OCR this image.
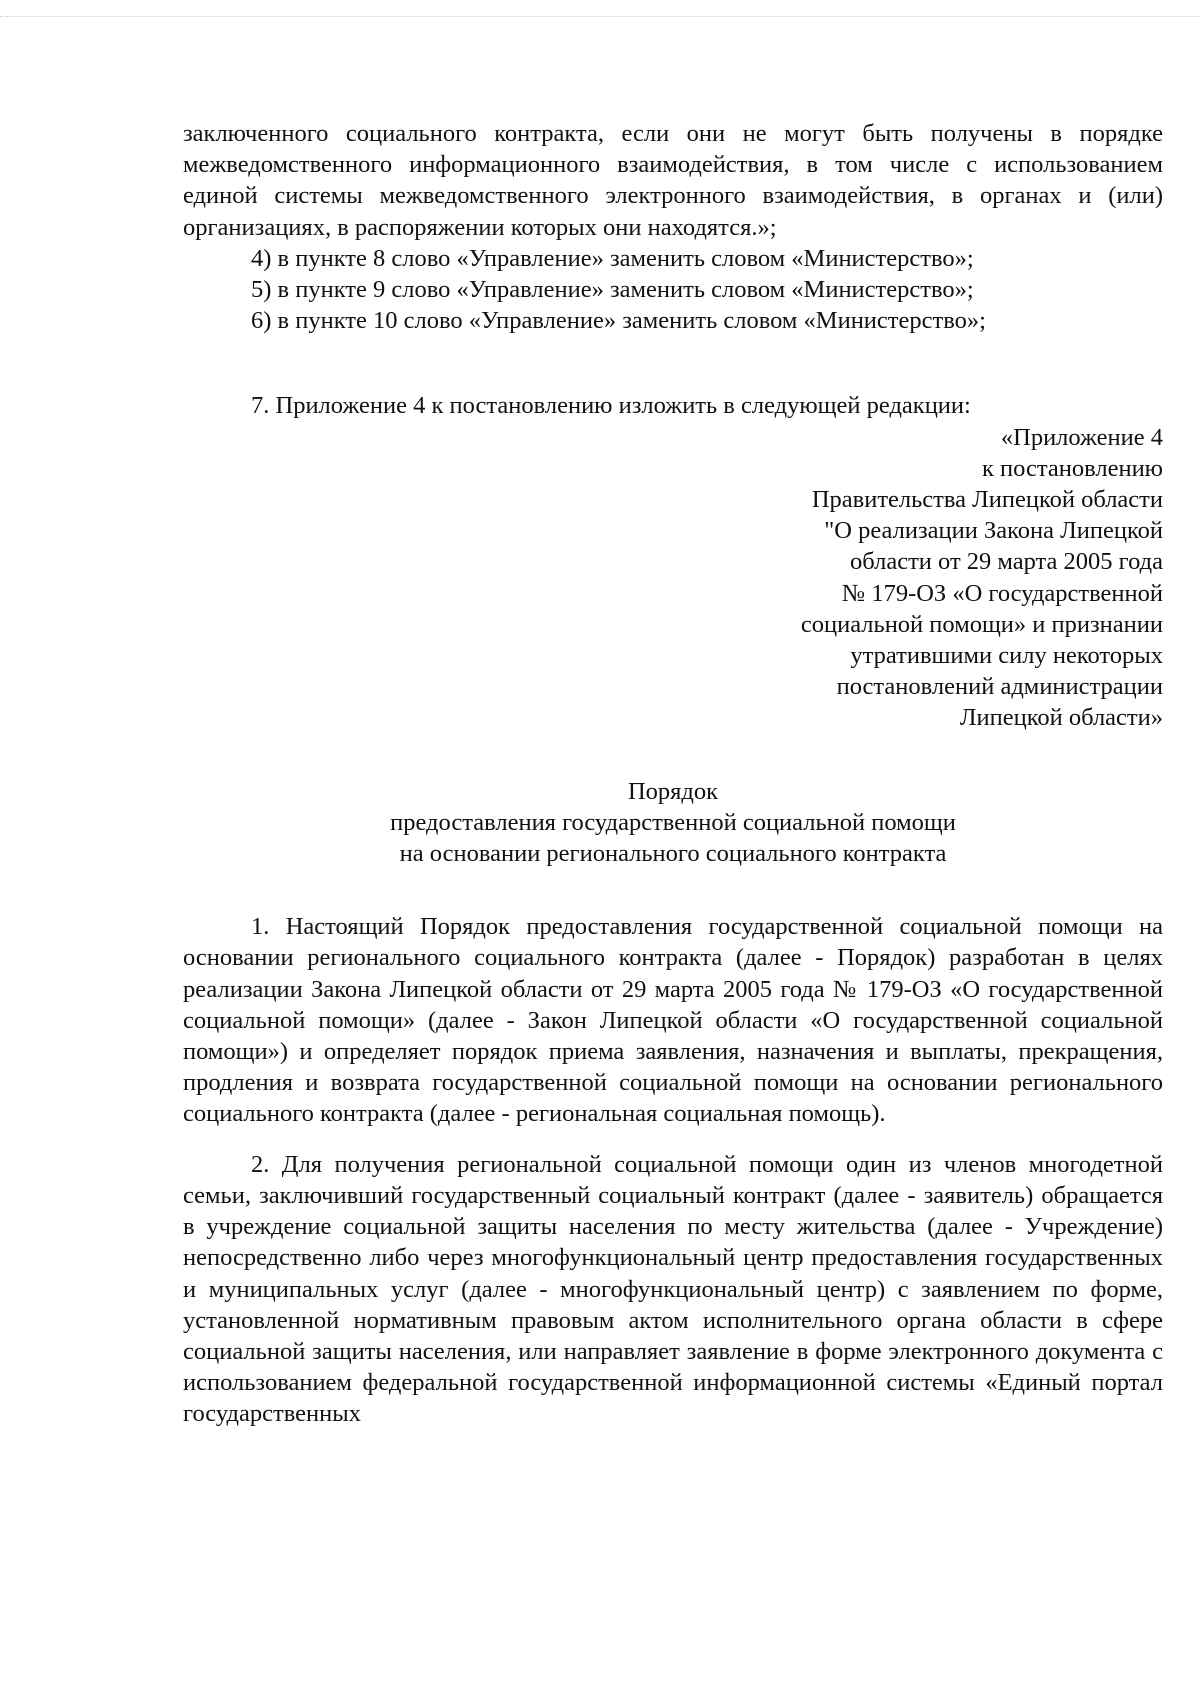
заключенного социального контракта, если они не могут быть получены в порядке межведомственного информационного взаимодействия, в том числе с использованием единой системы межведомственного электронного взаимодействия, в органах и (или) организациях, в распоряжении которых они находятся.»;

4) в пункте 8 слово «Управление» заменить словом «Министерство»;

5) в пункте 9 слово «Управление» заменить словом «Министерство»;

6) в пункте 10 слово «Управление» заменить словом «Министерство»;

7. Приложение 4 к постановлению изложить в следующей редакции:

«Приложение 4
к постановлению
Правительства Липецкой области
"О реализации Закона Липецкой
области от 29 марта 2005 года
№ 179-ОЗ «О государственной
социальной помощи» и признании
утратившими силу некоторых
постановлений администрации
Липецкой области»
Порядок
предоставления государственной социальной помощи
на основании регионального социального контракта

1. Настоящий Порядок предоставления государственной социальной помощи на основании регионального социального контракта (далее - Порядок) разработан в целях реализации Закона Липецкой области от 29 марта 2005 года № 179-ОЗ «О государственной социальной помощи» (далее - Закон Липецкой области «О государственной социальной помощи») и определяет порядок приема заявления, назначения и выплаты, прекращения, продления и возврата государственной социальной помощи на основании регионального социального контракта (далее - региональная социальная помощь).

2. Для получения региональной социальной помощи один из членов многодетной семьи, заключивший государственный социальный контракт (далее - заявитель) обращается в учреждение социальной защиты населения по месту жительства (далее - Учреждение) непосредственно либо через многофункциональный центр предоставления государственных и муниципальных услуг (далее - многофункциональный центр) с заявлением по форме, установленной нормативным правовым актом исполнительного органа области в сфере социальной защиты населения, или направляет заявление в форме электронного документа с использованием федеральной государственной информационной системы «Единый портал государственных
